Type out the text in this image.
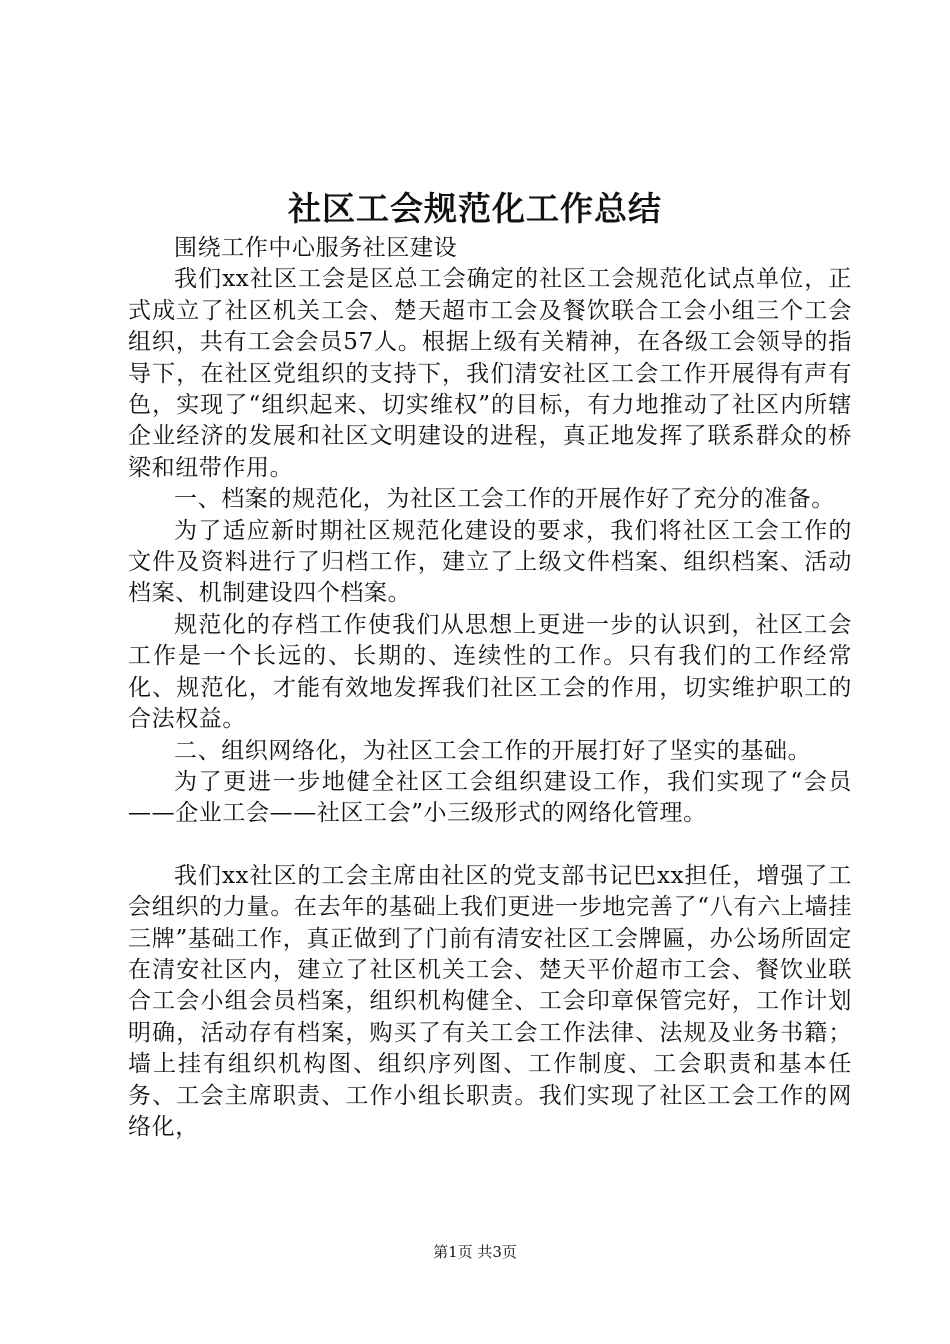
社区工会规范化工作总结

围绕工作中心服务社区建设

我们xx社区工会是区总工会确定的社区工会规范化试点单位，正式成立了社区机关工会、楚天超市工会及餐饮联合工会小组三个工会组织，共有工会会员57人。根据上级有关精神，在各级工会领导的指导下，在社区党组织的支持下，我们清安社区工会工作开展得有声有色，实现了“组织起来、切实维权”的目标，有力地推动了社区内所辖企业经济的发展和社区文明建设的进程，真正地发挥了联系群众的桥梁和纽带作用。

一、档案的规范化，为社区工会工作的开展作好了充分的准备。

为了适应新时期社区规范化建设的要求，我们将社区工会工作的文件及资料进行了归档工作，建立了上级文件档案、组织档案、活动档案、机制建设四个档案。

规范化的存档工作使我们从思想上更进一步的认识到，社区工会工作是一个长远的、长期的、连续性的工作。只有我们的工作经常化、规范化，才能有效地发挥我们社区工会的作用，切实维护职工的合法权益。

二、组织网络化，为社区工会工作的开展打好了坚实的基础。

为了更进一步地健全社区工会组织建设工作，我们实现了“会员——企业工会——社区工会”小三级形式的网络化管理。

我们xx社区的工会主席由社区的党支部书记巴xx担任，增强了工会组织的力量。在去年的基础上我们更进一步地完善了“八有六上墙挂三牌”基础工作，真正做到了门前有清安社区工会牌匾，办公场所固定在清安社区内，建立了社区机关工会、楚天平价超市工会、餐饮业联合工会小组会员档案，组织机构健全、工会印章保管完好，工作计划明确，活动存有档案，购买了有关工会工作法律、法规及业务书籍；墙上挂有组织机构图、组织序列图、工作制度、工会职责和基本任务、工会主席职责、工作小组长职责。我们实现了社区工会工作的网络化，

第1页 共3页
